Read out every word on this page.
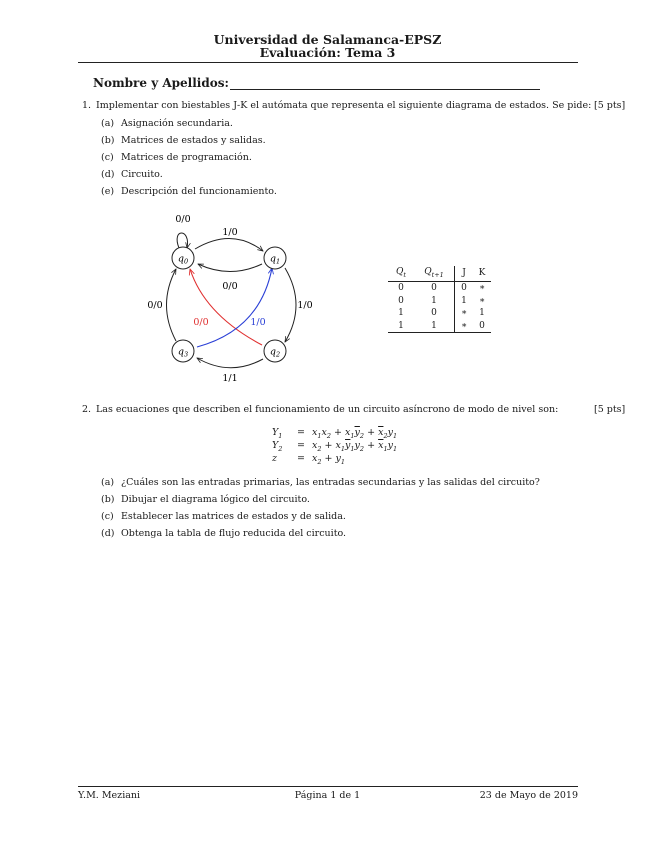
Universidad de Salamanca-EPSZ
Evaluación: Tema 3
Nombre y Apellidos:
1. Implementar con biestables J-K el autómata que representa el siguiente diagrama de estados. Se pide: [5 pts]
(a) Asignación secundaria.
(b) Matrices de estados y salidas.
(c) Matrices de programación.
(d) Circuito.
(e) Descripción del funcionamiento.
0/0
1/0
0/0
1/0
0/0
0/0	1/0
1/1
$q_0$	$q_1$
$q_3$	$q_2$
$Q_t$	$Q_{t+1}$	J	K
0	0	0	∗
0	1	1	∗
1	0	∗	1
1	1	∗	0
2. Las ecuaciones que describen el funcionamiento de un circuito asíncrono de modo de nivel son:	[5 pts]
$Y_1 = x_1x_2 + x_1\overline{y}_2 + \overline{x}_2y_1$
$Y_2 = x_2 + x_1\overline{y}_1y_2 + \overline{x}_1y_1$
$z = x_2 + y_1$
(a) ¿Cuáles son las entradas primarias, las entradas secundarias y las salidas del circuito?
(b) Dibujar el diagrama lógico del circuito.
(c) Establecer las matrices de estados y de salida.
(d) Obtenga la tabla de flujo reducida del circuito.
Y.M. Meziani	Página 1 de 1	23 de Mayo de 2019
